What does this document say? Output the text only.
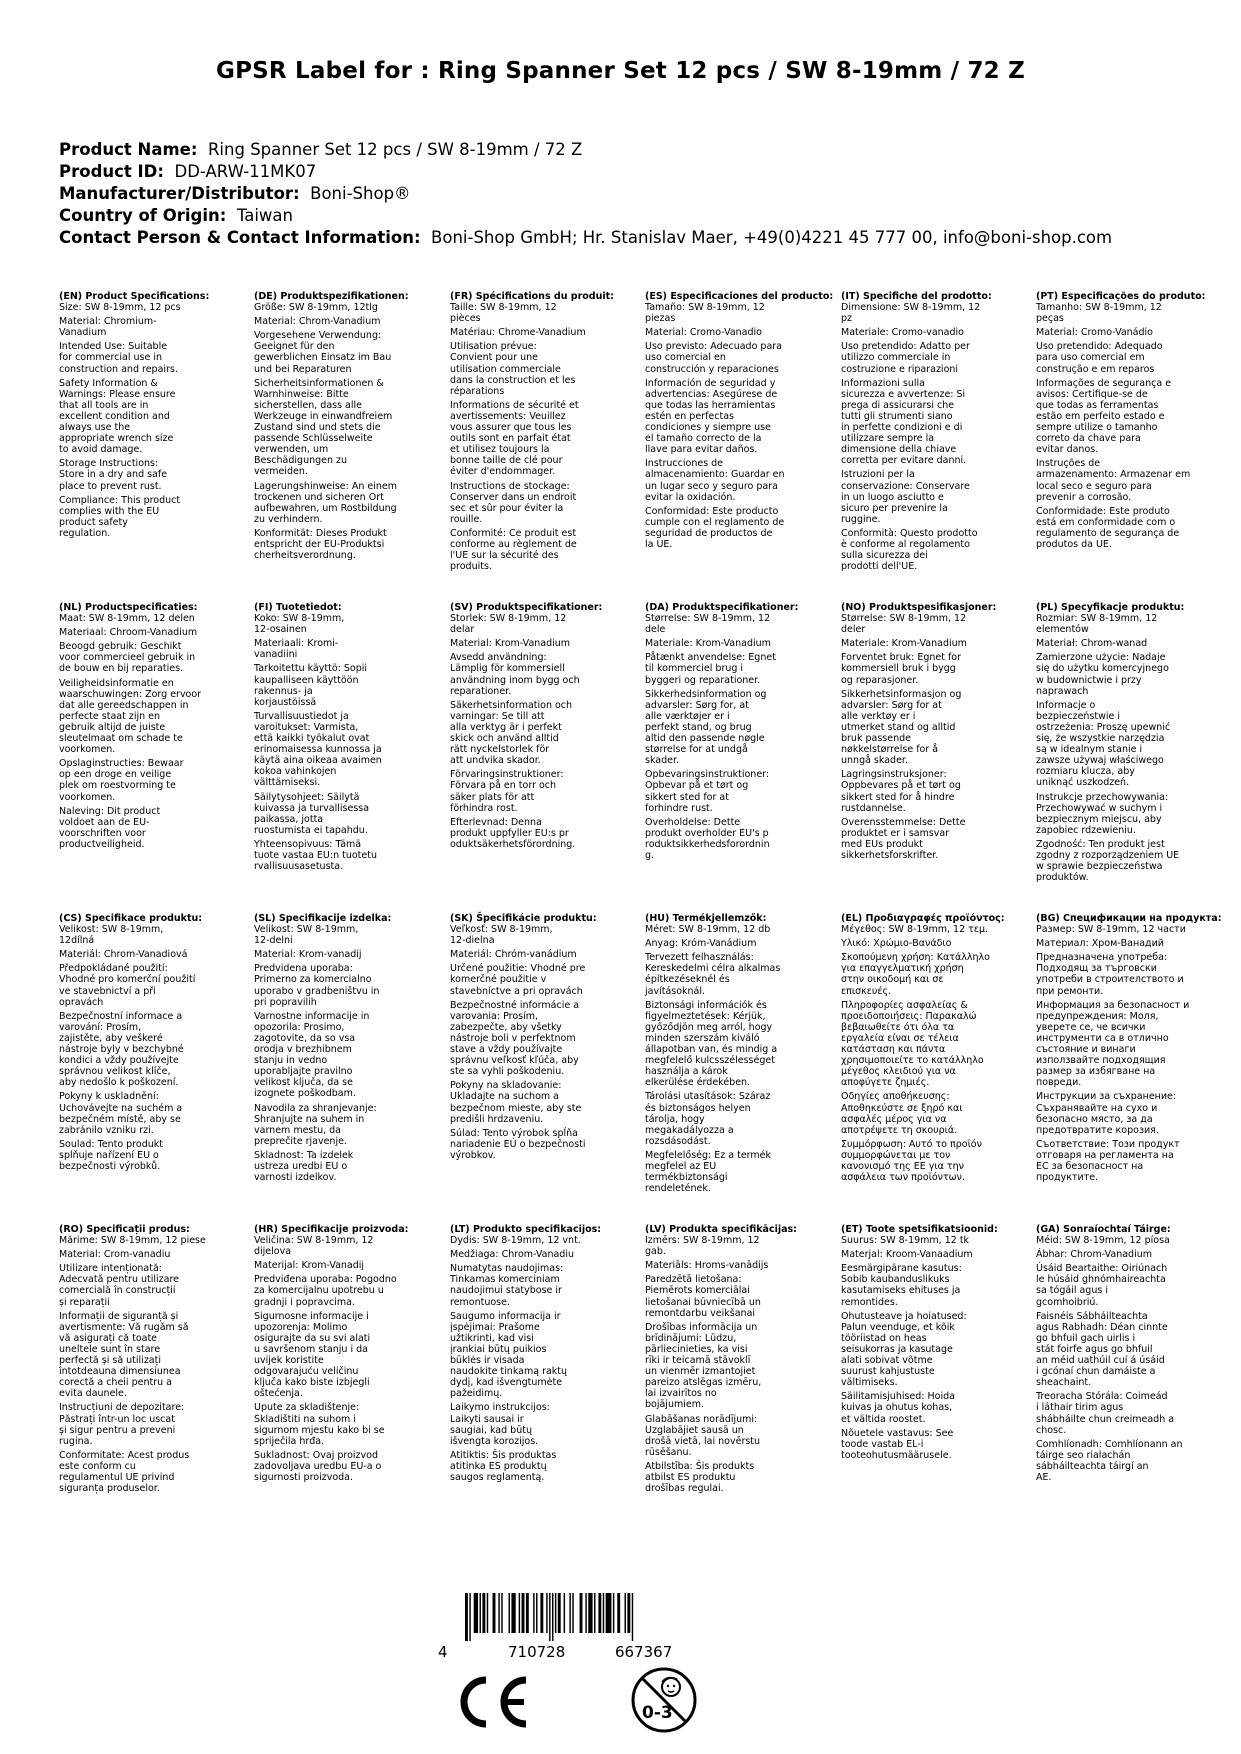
GPSR Label for : Ring Spanner Set 12 pcs / SW 8-19mm / 72 Z
Product Name: Ring Spanner Set 12 pcs / SW 8-19mm / 72 Z
Product ID: DD-ARW-11MK07
Manufacturer/Distributor: Boni-Shop®
Country of Origin: Taiwan
Contact Person & Contact Information: Boni-Shop GmbH; Hr. Stanislav Maer, +49(0)4221 45 777 00, info@boni-shop.com
(EN) Product Specifications:
Size: SW 8-19mm, 12 pcs
Material: Chromium-
Vanadium
Intended Use: Suitable
for commercial use in
construction and repairs.
Safety Information &
Warnings: Please ensure
that all tools are in
excellent condition and
always use the
appropriate wrench size
to avoid damage.
Storage Instructions:
Store in a dry and safe
place to prevent rust.
Compliance: This product
complies with the EU
product safety
regulation.
(DE) Produktspezifikationen:
Größe: SW 8-19mm, 12tlg
Material: Chrom-Vanadium
Vorgesehene Verwendung:
Geeignet für den
gewerblichen Einsatz im Bau
und bei Reparaturen
Sicherheitsinformationen &
Warnhinweise: Bitte
sicherstellen, dass alle
Werkzeuge in einwandfreiem
Zustand sind und stets die
passende Schlüsselweite
verwenden, um
Beschädigungen zu
vermeiden.
Lagerungshinweise: An einem
trockenen und sicheren Ort
aufbewahren, um Rostbildung
zu verhindern.
Konformität: Dieses Produkt
entspricht der EU-Produktsi
cherheitsverordnung.
(FR) Spécifications du produit:
Taille: SW 8-19mm, 12
pièces
Matériau: Chrome-Vanadium
Utilisation prévue:
Convient pour une
utilisation commerciale
dans la construction et les
réparations
Informations de sécurité et
avertissements: Veuillez
vous assurer que tous les
outils sont en parfait état
et utilisez toujours la
bonne taille de clé pour
éviter d'endommager.
Instructions de stockage:
Conserver dans un endroit
sec et sûr pour éviter la
rouille.
Conformité: Ce produit est
conforme au règlement de
l'UE sur la sécurité des
produits.
(ES) Especificaciones del producto:
Tamaño: SW 8-19mm, 12
piezas
Material: Cromo-Vanadio
Uso previsto: Adecuado para
uso comercial en
construcción y reparaciones
Información de seguridad y
advertencias: Asegúrese de
que todas las herramientas
estén en perfectas
condiciones y siempre use
el tamaño correcto de la
llave para evitar daños.
Instrucciones de
almacenamiento: Guardar en
un lugar seco y seguro para
evitar la oxidación.
Conformidad: Este producto
cumple con el reglamento de
seguridad de productos de
la UE.
(IT) Specifiche del prodotto:
Dimensione: SW 8-19mm, 12
pz
Materiale: Cromo-vanadio
Uso pretendido: Adatto per
utilizzo commerciale in
costruzione e riparazioni
Informazioni sulla
sicurezza e avvertenze: Si
prega di assicurarsi che
tutti gli strumenti siano
in perfette condizioni e di
utilizzare sempre la
dimensione della chiave
corretta per evitare danni.
Istruzioni per la
conservazione: Conservare
in un luogo asciutto e
sicuro per prevenire la
ruggine.
Conformità: Questo prodotto
è conforme al regolamento
sulla sicurezza dei
prodotti dell'UE.
(PT) Especificações do produto:
Tamanho: SW 8-19mm, 12
peças
Material: Cromo-Vanádio
Uso pretendido: Adequado
para uso comercial em
construção e em reparos
Informações de segurança e
avisos: Certifique-se de
que todas as ferramentas
estão em perfeito estado e
sempre utilize o tamanho
correto da chave para
evitar danos.
Instruções de
armazenamento: Armazenar em
local seco e seguro para
prevenir a corrosão.
Conformidade: Este produto
está em conformidade com o
regulamento de segurança de
produtos da UE.
(NL) Productspecificaties:
Maat: SW 8-19mm, 12 delen
Materiaal: Chroom-Vanadium
Beoogd gebruik: Geschikt
voor commercieel gebruik in
de bouw en bij reparaties.
Veiligheidsinformatie en
waarschuwingen: Zorg ervoor
dat alle gereedschappen in
perfecte staat zijn en
gebruik altijd de juiste
sleutelmaat om schade te
voorkomen.
Opslaginstructies: Bewaar
op een droge en veilige
plek om roestvorming te
voorkomen.
Naleving: Dit product
voldoet aan de EU-
voorschriften voor
productveiligheid.
(FI) Tuotetiedot:
Koko: SW 8-19mm,
12-osainen
Materiaali: Kromi-
vanadiini
Tarkoitettu käyttö: Sopii
kaupalliseen käyttöön
rakennus- ja
korjaustöissä
Turvallisuustiedot ja
varoitukset: Varmista,
että kaikki työkalut ovat
erinomaisessa kunnossa ja
käytä aina oikeaa avaimen
kokoa vahinkojen
välttämiseksi.
Säilytysohjeet: Säilytä
kuivassa ja turvallisessa
paikassa, jotta
ruostumista ei tapahdu.
Yhteensopivuus: Tämä
tuote vastaa EU:n tuotetu
rvallisuusasetusta.
(SV) Produktspecifikationer:
Storlek: SW 8-19mm, 12
delar
Material: Krom-Vanadium
Avsedd användning:
Lämplig för kommersiell
användning inom bygg och
reparationer.
Säkerhetsinformation och
varningar: Se till att
alla verktyg är i perfekt
skick och använd alltid
rätt nyckelstorlek för
att undvika skador.
Förvaringsinstruktioner:
Förvara på en torr och
säker plats för att
förhindra rost.
Efterlevnad: Denna
produkt uppfyller EU:s pr
oduktsäkerhetsförordning.
(DA) Produktspecifikationer:
Størrelse: SW 8-19mm, 12
dele
Materiale: Krom-Vanadium
Påtænkt anvendelse: Egnet
til kommerciel brug i
byggeri og reparationer.
Sikkerhedsinformation og
advarsler: Sørg for, at
alle værktøjer er i
perfekt stand, og brug
altid den passende nøgle
størrelse for at undgå
skader.
Opbevaringsinstruktioner:
Opbevar på et tørt og
sikkert sted for at
forhindre rust.
Overholdelse: Dette
produkt overholder EU's p
roduktsikkerhedsforordnin
g.
(NO) Produktspesifikasjoner:
Størrelse: SW 8-19mm, 12
deler
Materiale: Krom-Vanadium
Forventet bruk: Egnet for
kommersiell bruk i bygg
og reparasjoner.
Sikkerhetsinformasjon og
advarsler: Sørg for at
alle verktøy er i
utmerket stand og alltid
bruk passende
nøkkelstørrelse for å
unngå skader.
Lagringsinstruksjoner:
Oppbevares på et tørt og
sikkert sted for å hindre
rustdannelse.
Overensstemmelse: Dette
produktet er i samsvar
med EUs produkt
sikkerhetsforskrifter.
(PL) Specyfikacje produktu:
Rozmiar: SW 8-19mm, 12
elementów
Materiał: Chrom-wanad
Zamierzone użycie: Nadaje
się do użytku komercyjnego
w budownictwie i przy
naprawach
Informacje o
bezpieczeństwie i
ostrzeżenia: Proszę upewnić
się, że wszystkie narzędzia
są w idealnym stanie i
zawsze używaj właściwego
rozmiaru klucza, aby
uniknąć uszkodzeń.
Instrukcje przechowywania:
Przechowywać w suchym i
bezpiecznym miejscu, aby
zapobiec rdzewieniu.
Zgodność: Ten produkt jest
zgodny z rozporządzeniem UE
w sprawie bezpieczeństwa
produktów.
(CS) Specifikace produktu:
Velikost: SW 8-19mm,
12dílná
Materiál: Chrom-Vanadiová
Předpokládané použití:
Vhodné pro komerční použití
ve stavebnictví a při
opravách
Bezpečnostní informace a
varování: Prosím,
zajistěte, aby veškeré
nástroje byly v bezchybné
kondici a vždy používejte
správnou velikost klíče,
aby nedošlo k poškození.
Pokyny k uskladnění:
Uchovávejte na suchém a
bezpečném místě, aby se
zabránilo vzniku rzi.
Soulad: Tento produkt
splňuje nařízení EU o
bezpečnosti výrobků.
(SL) Specifikacije izdelka:
Velikost: SW 8-19mm,
12-delni
Material: Krom-vanadij
Predvidena uporaba:
Primerno za komercialno
uporabo v gradbeništvu in
pri popravilih
Varnostne informacije in
opozorila: Prosimo,
zagotovite, da so vsa
orodja v brezhibnem
stanju in vedno
uporabljajte pravilno
velikost ključa, da se
izognete poškodbam.
Navodila za shranjevanje:
Shranjujte na suhem in
varnem mestu, da
preprečite rjavenje.
Skladnost: Ta izdelek
ustreza uredbi EU o
varnosti izdelkov.
(SK) Špecifikácie produktu:
Veľkosť: SW 8-19mm,
12-dielna
Materiál: Chróm-vanádium
Určené použitie: Vhodné pre
komerčné použitie v
stavebníctve a pri opravách
Bezpečnostné informácie a
varovania: Prosím,
zabezpečte, aby všetky
nástroje boli v perfektnom
stave a vždy používajte
správnu veľkosť kľúča, aby
ste sa vyhli poškodeniu.
Pokyny na skladovanie:
Ukladajte na suchom a
bezpečnom mieste, aby ste
predišli hrdzaveniu.
Súlad: Tento výrobok spĺňa
nariadenie EÚ o bezpečnosti
výrobkov.
(HU) Termékjellemzők:
Méret: SW 8-19mm, 12 db
Anyag: Króm-Vanádium
Tervezett felhasználás:
Kereskedelmi célra alkalmas
építkezéseknél és
javításoknál.
Biztonsági információk és
figyelmeztetések: Kérjük,
győződjön meg arról, hogy
minden szerszám kiváló
állapotban van, és mindig a
megfelelő kulcsszélességet
használja a károk
elkerülése érdekében.
Tárolási utasítások: Száraz
és biztonságos helyen
tárolja, hogy
megakadályozza a
rozsdásodást.
Megfelelőség: Ez a termék
megfelel az EU
termékbiztonsági
rendeletének.
(EL) Προδιαγραφές προϊόντος:
Μέγεθος: SW 8-19mm, 12 τεμ.
Υλικό: Χρώμιο-Βανάδιο
Σκοπούμενη χρήση: Κατάλληλο
για επαγγελματική χρήση
στην οικοδομή και σε
επισκευές.
Πληροφορίες ασφαλείας &
προειδοποιήσεις: Παρακαλώ
βεβαιωθείτε ότι όλα τα
εργαλεία είναι σε τέλεια
κατάσταση και πάντα
χρησιμοποιείτε το κατάλληλο
μέγεθος κλειδιού για να
αποφύγετε ζημιές.
Οδηγίες αποθήκευσης:
Αποθηκεύστε σε ξηρό και
ασφαλές μέρος για να
αποτρέψετε τη σκουριά.
Συμμόρφωση: Αυτό το προϊόν
συμμορφώνεται με τον
κανονισμό της ΕΕ για την
ασφάλεια των προϊόντων.
(BG) Спецификации на продукта:
Размер: SW 8-19mm, 12 части
Материал: Хром-Ванадий
Предназначена употреба:
Подходящ за търговски
употреби в строителството и
при ремонти.
Информация за безопасност и
предупреждения: Моля,
уверете се, че всички
инструменти са в отлично
състояние и винаги
използвайте подходящия
размер за избягване на
повреди.
Инструкции за съхранение:
Съхранявайте на сухо и
безопасно място, за да
предотвратите корозия.
Съответствие: Този продукт
отговаря на регламента на
ЕС за безопасност на
продуктите.
(RO) Specificații produs:
Mărime: SW 8-19mm, 12 piese
Material: Crom-vanadiu
Utilizare intenționată:
Adecvată pentru utilizare
comercială în construcții
și reparații
Informații de siguranță și
avertismente: Vă rugăm să
vă asigurați că toate
uneltele sunt în stare
perfectă și să utilizați
întotdeauna dimensiunea
corectă a cheii pentru a
evita daunele.
Instrucțiuni de depozitare:
Păstrați într-un loc uscat
și sigur pentru a preveni
rugina.
Conformitate: Acest produs
este conform cu
regulamentul UE privind
siguranța produselor.
(HR) Specifikacije proizvoda:
Veličina: SW 8-19mm, 12
dijelova
Materijal: Krom-Vanadij
Predviđena uporaba: Pogodno
za komercijalnu upotrebu u
gradnji i popravcima.
Sigurnosne informacije i
upozorenja: Molimo
osigurajte da su svi alati
u savršenom stanju i da
uvijek koristite
odgovarajuću veličinu
ključa kako biste izbjegli
oštećenja.
Upute za skladištenje:
Skladištiti na suhom i
sigurnom mjestu kako bi se
spriječila hrđa.
Sukladnost: Ovaj proizvod
zadovoljava uredbu EU-a o
sigurnosti proizvoda.
(LT) Produkto specifikacijos:
Dydis: SW 8-19mm, 12 vnt.
Medžiaga: Chrom-Vanadiu
Numatytas naudojimas:
Tinkamas komerciniam
naudojimui statybose ir
remontuose.
Saugumo informacija ir
įspėjimai: Prašome
užtikrinti, kad visi
įrankiai būtų puikios
būklės ir visada
naudokite tinkamą raktų
dydį, kad išvengtumėte
pažeidimų.
Laikymo instrukcijos:
Laikyti sausai ir
saugiai, kad būtų
išvengta korozijos.
Atitiktis: Šis produktas
atitinka ES produktų
saugos reglamentą.
(LV) Produkta specifikācijas:
Izmērs: SW 8-19mm, 12
gab.
Materiāls: Hroms-vanādijs
Paredzētā lietošana:
Piemērots komerciālai
lietošanai būvniecībā un
remontdarbu veikšanai
Drošības informācija un
brīdinājumi: Lūdzu,
pārliecinieties, ka visi
rīki ir teicamā stāvoklī
un vienmēr izmantojiet
pareizo atslēgas izmēru,
lai izvairītos no
bojājumiem.
Glabāšanas norādījumi:
Uzglabājiet sausā un
drošā vietā, lai novērstu
rūsēšanu.
Atbilstība: Šis produkts
atbilst ES produktu
drošības regulai.
(ET) Toote spetsifikatsioonid:
Suurus: SW 8-19mm, 12 tk
Materjal: Kroom-Vanaadium
Eesmärgipärane kasutus:
Sobib kaubanduslikuks
kasutamiseks ehituses ja
remontides.
Ohutusteave ja hoiatused:
Palun veenduge, et kõik
tööriistad on heas
seisukorras ja kasutage
alati sobivat võtme
suurust kahjustuste
vältimiseks.
Säilitamisjuhised: Hoida
kuivas ja ohutus kohas,
et vältida roostet.
Nõuetele vastavus: See
toode vastab EL-i
tooteohutusmäärusele.
(GA) Sonraíochtaí Táirge:
Méid: SW 8-19mm, 12 píosa
Ábhar: Chrom-Vanadium
Úsáid Beartaithe: Oiriúnach
le húsáid ghnómhaireachta
sa tógáil agus i
gcomhoibriú.
Faisnéis Sábháilteachta
agus Rabhadh: Déan cinnte
go bhfuil gach uirlis i
stát foirfe agus go bhfuil
an méid uathúil cuí á úsáid
i gcónaí chun damáiste a
sheachaint.
Treoracha Stórála: Coimeád
i láthair tirim agus
shábháilte chun creimeadh a
chosc.
Comhlíonadh: Comhlíonann an
táirge seo rialachán
sábháilteachta táirgí an
AE.
4	710728	667367
0-3
